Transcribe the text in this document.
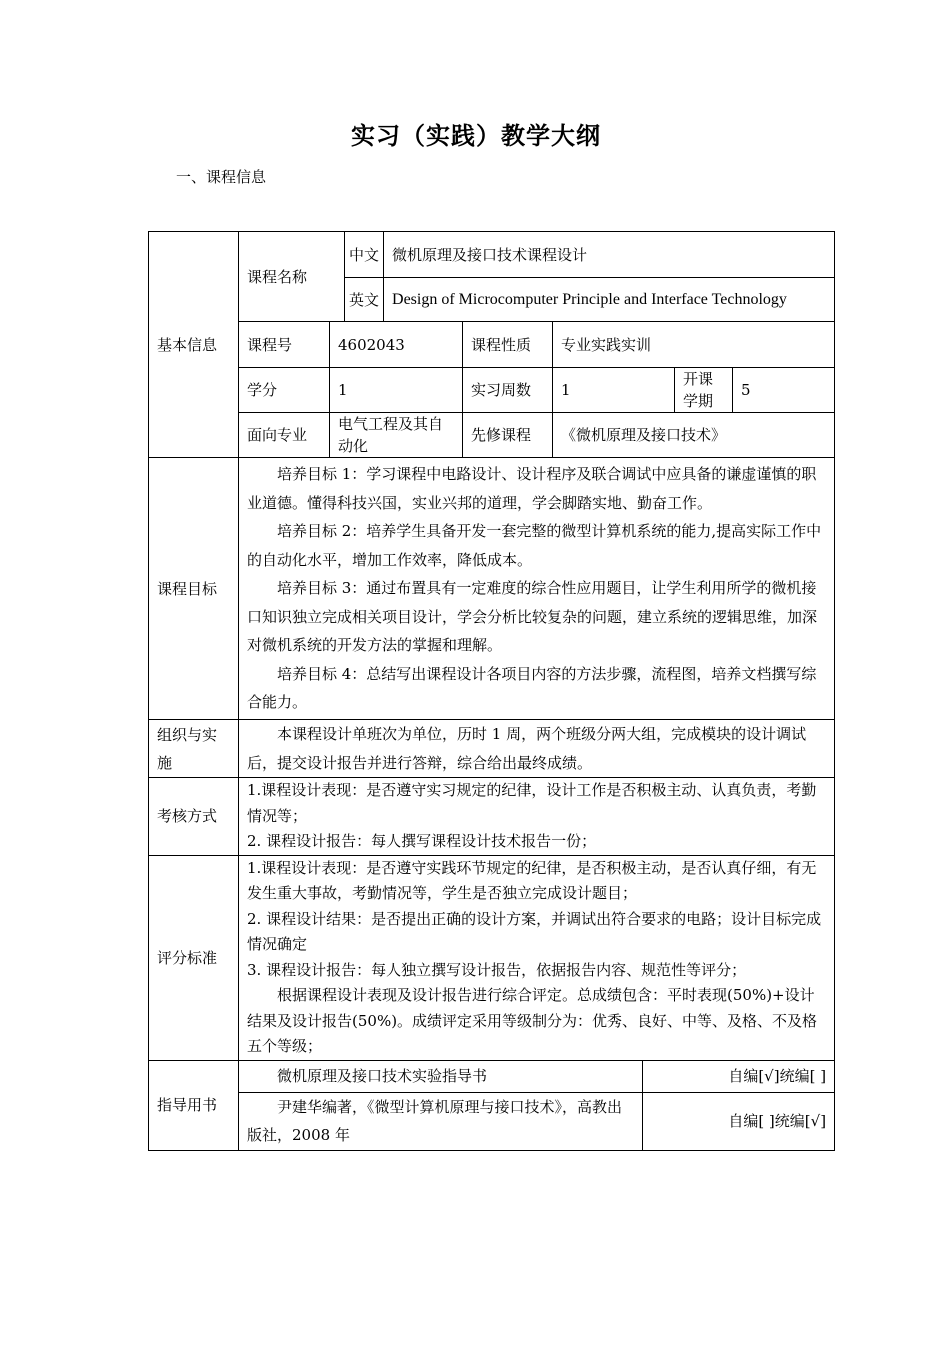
实习（实践）教学大纲
一、课程信息
基本信息	课程名称		中文	微机原理及接口技术课程设计					
			英文	Design of Microcomputer Principle and Interface Technology					
	课程号	4602043			课程性质	专业实践实训			
	学分	1			实习周数	1		开课学期	5
	面向专业	电气工程及其自动化			先修课程	《微机原理及接口技术》			
课程目标	培养目标 1：学习课程中电路设计、设计程序及联合调试中应具备的谦虚谨慎的职业道德。懂得科技兴国，实业兴邦的道理，学会脚踏实地、勤奋工作。

培养目标 2：培养学生具备开发一套完整的微型计算机系统的能力,提高实际工作中的自动化水平，增加工作效率，降低成本。

培养目标 3：通过布置具有一定难度的综合性应用题目，让学生利用所学的微机接口知识独立完成相关项目设计，学会分析比较复杂的问题，建立系统的逻辑思维，加深对微机系统的开发方法的掌握和理解。

培养目标 4：总结写出课程设计各项目内容的方法步骤，流程图，培养文档撰写综合能力。								

组织与实施	本课程设计单班次为单位，历时 1 周，两个班级分两大组，完成模块的设计调试后，提交设计报告并进行答辩，综合给出最终成绩。								

考核方式	1.课程设计表现：是否遵守实习规定的纪律，设计工作是否积极主动、认真负责，考勤情况等；

2. 课程设计报告：每人撰写课程设计技术报告一份；								

评分标准	1.课程设计表现：是否遵守实践环节规定的纪律，是否积极主动，是否认真仔细，有无发生重大事故，考勤情况等，学生是否独立完成设计题目；

2. 课程设计结果：是否提出正确的设计方案，并调试出符合要求的电路；设计目标完成情况确定

3. 课程设计报告：每人独立撰写设计报告，依据报告内容、规范性等评分；

根据课程设计表现及设计报告进行综合评定。总成绩包含：平时表现(50%)+设计结果及设计报告(50%)。成绩评定采用等级制分为：优秀、良好、中等、及格、不及格五个等级；								

指导用书	微机原理及接口技术实验指导书						自编[√]统编[ ]		

	尹建华编著，《微型计算机原理与接口技术》，高教出版社，2008 年						自编[ ]统编[√]		
